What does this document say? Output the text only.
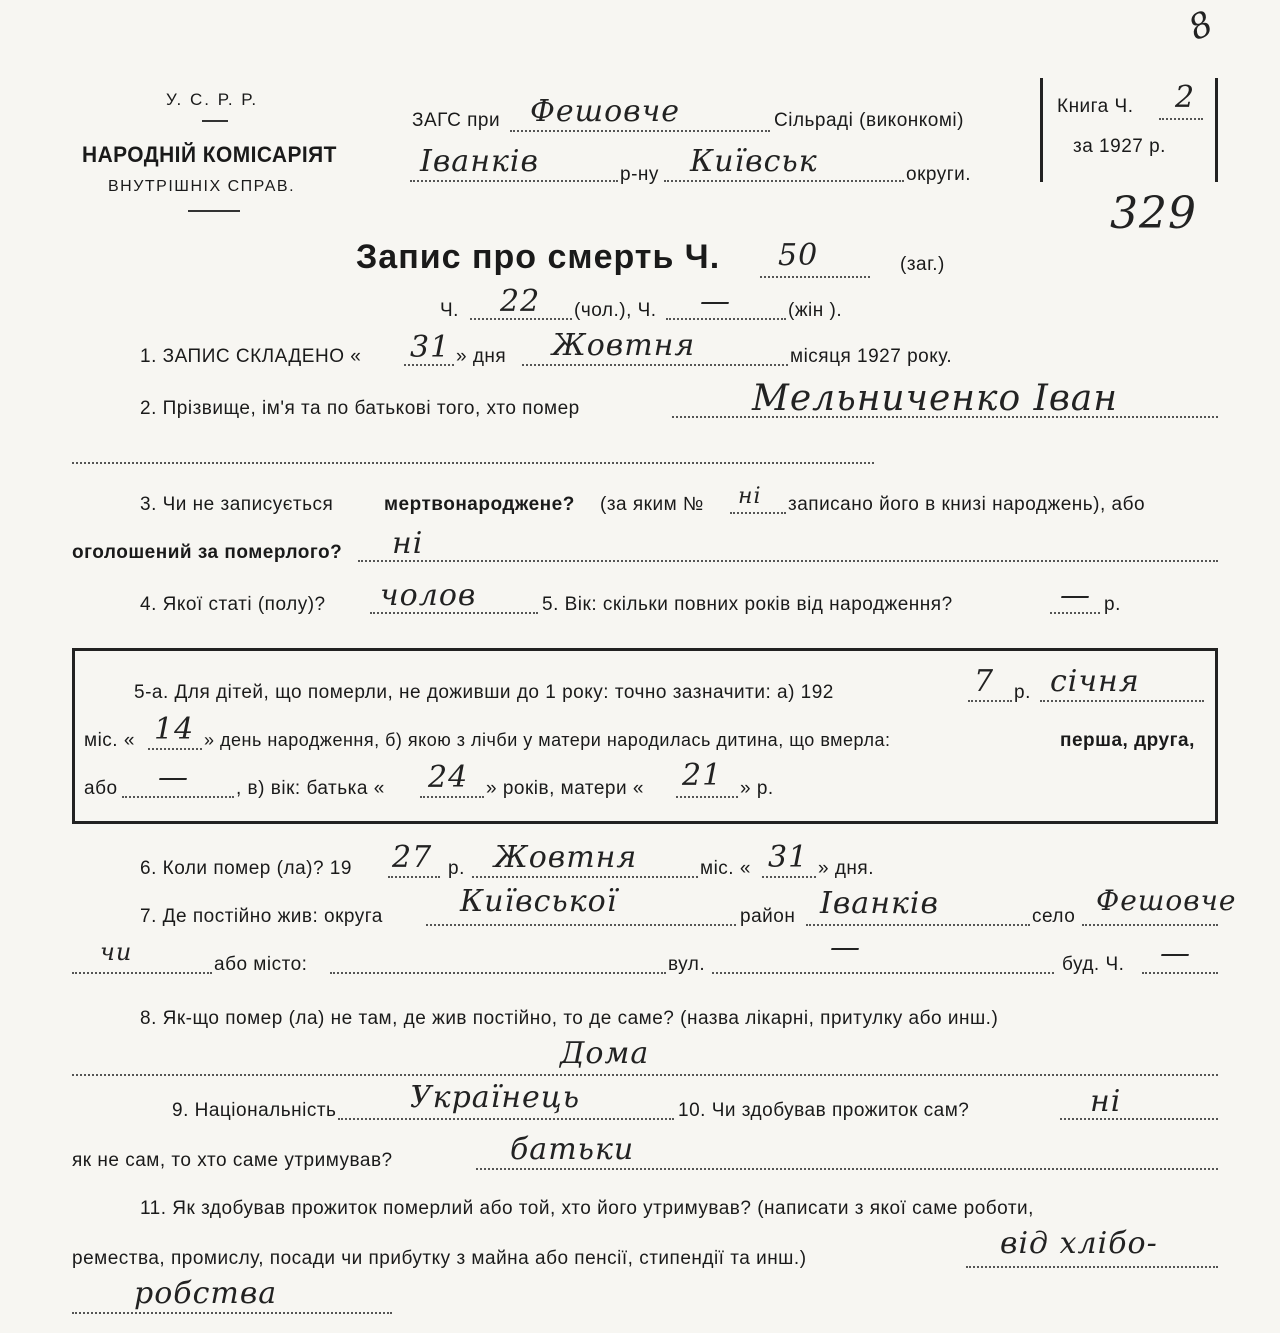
У. С. Р. Р.
НАРОДНІЙ КОМІСАРІЯТ
ВНУТРІШНІХ СПРАВ.
ЗАГС при Фешовче	Сільраді (виконкомі)
Іванків	р-ну Київськ	округи.
Книга Ч. 2
за 1927 р.
8
329
Запис про смерть Ч. 50	(заг.)
Ч. 22 (чол.), Ч. —	(жін ).
1. ЗАПИС СКЛАДЕНО « 31 » дня Жовтня	місяця 1927 року.
2. Прізвище, ім'я та по батькові того, хто помер	Мельниченко Іван
3. Чи не записується	мертвонароджене? (за яким № ні записано його в книзі народжень), або
оголошений за померлого? ні
4. Якої статі (полу)? чолов	5. Вік: скільки повних років від народження?	— р.
5-а. Для дітей, що померли, не доживши до 1 року: точно зазначити: а) 192	7 р. січня
міс. « 14 » день народження, б) якою з лічби у матери народилась дитина, що вмерла:	перша, друга,
або — , в) вік: батька « 24 » років, матери « 21 » р.
6. Коли помер (ла)? 19 27 р. Жовтня	міс. « 31 » дня.
7. Де постійно жив: округа	Київської	район Іванків	село Фешовче
чи	або місто:	вул.	—	буд. Ч. —
8. Як-що помер (ла) не там, де жив постійно, то де саме? (назва лікарні, притулку або инш.)
Дома
9. Національність Українець	10. Чи здобував прожиток сам?	ні
як не сам, то хто саме утримував?	батьки
11. Як здобував прожиток померлий або той, хто його утримував? (написати з якої саме роботи,
ремества, промислу, посади чи прибутку з майна або пенсії, стипендії та инш.)	від хлібо-
робства
